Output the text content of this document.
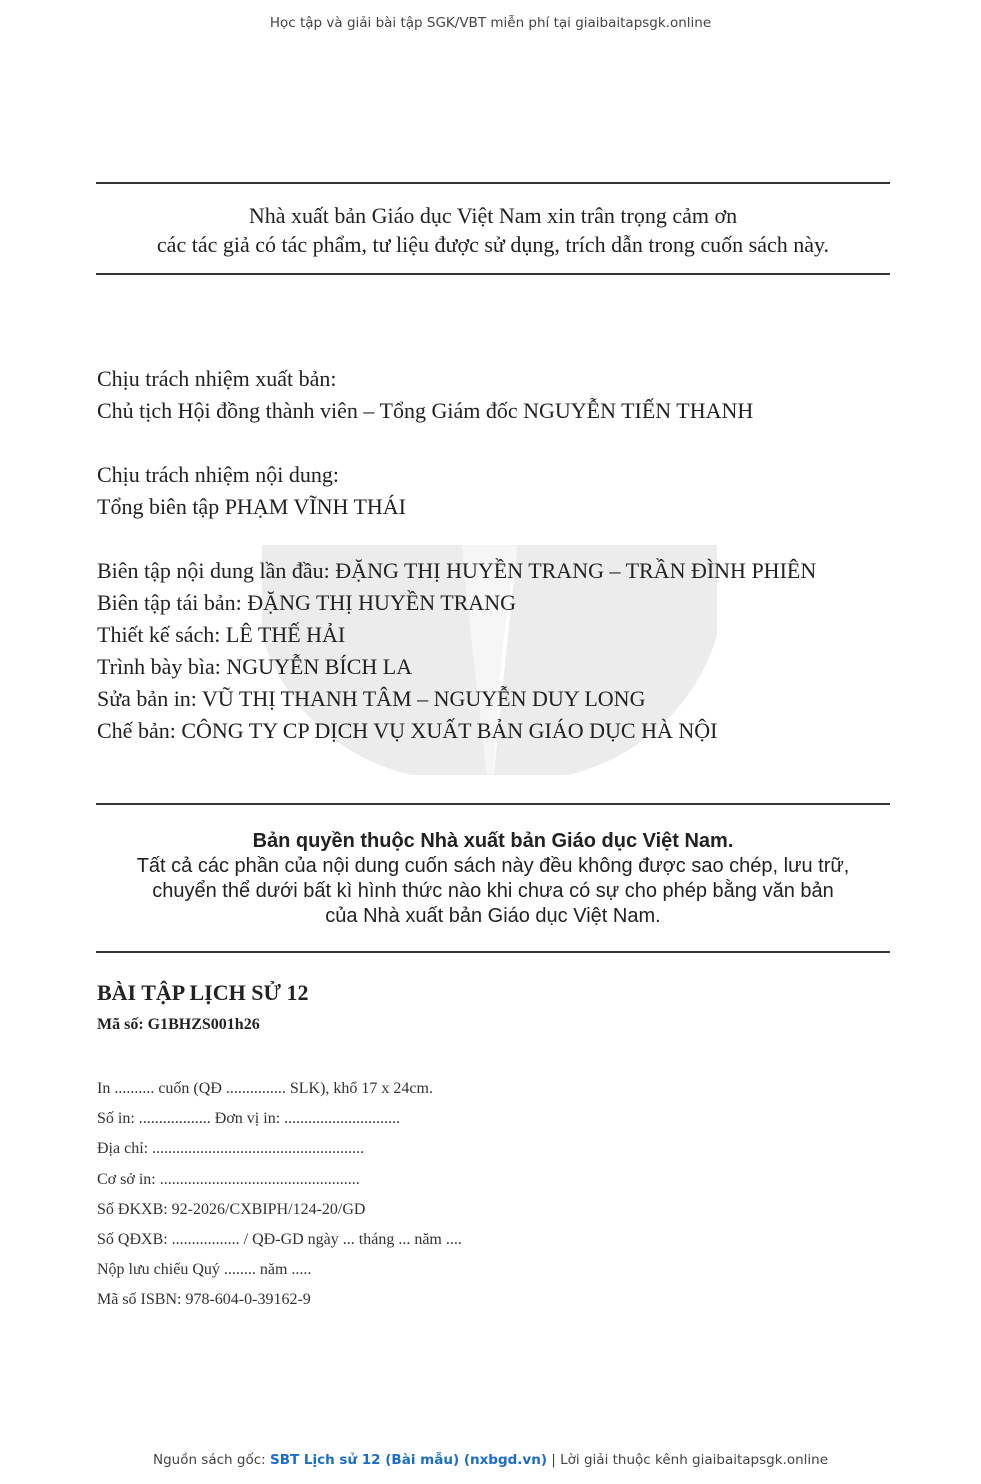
Học tập và giải bài tập SGK/VBT miễn phí tại giaibaitapsgk.online
Nhà xuất bản Giáo dục Việt Nam xin trân trọng cảm ơn
các tác giả có tác phẩm, tư liệu được sử dụng, trích dẫn trong cuốn sách này.
Chịu trách nhiệm xuất bản:
Chủ tịch Hội đồng thành viên – Tổng Giám đốc NGUYỄN TIẾN THANH
Chịu trách nhiệm nội dung:
Tổng biên tập PHẠM VĨNH THÁI
Biên tập nội dung lần đầu: ĐẶNG THỊ HUYỀN TRANG – TRẦN ĐÌNH PHIÊN
Biên tập tái bản: ĐẶNG THỊ HUYỀN TRANG
Thiết kế sách: LÊ THẾ HẢI
Trình bày bìa: NGUYỄN BÍCH LA
Sửa bản in: VŨ THỊ THANH TÂM – NGUYỄN DUY LONG
Chế bản: CÔNG TY CP DỊCH VỤ XUẤT BẢN GIÁO DỤC HÀ NỘI
Bản quyền thuộc Nhà xuất bản Giáo dục Việt Nam.
Tất cả các phần của nội dung cuốn sách này đều không được sao chép, lưu trữ,
chuyển thể dưới bất kì hình thức nào khi chưa có sự cho phép bằng văn bản
của Nhà xuất bản Giáo dục Việt Nam.
BÀI TẬP LỊCH SỬ 12
Mã số: G1BHZS001h26
In .......... cuốn (QĐ ............... SLK), khổ 17 x 24cm.
Số in: .................. Đơn vị in: .............................
Địa chỉ: .....................................................
Cơ sở in: ..................................................
Số ĐKXB: 92-2026/CXBIPH/124-20/GD
Số QĐXB: ................. / QĐ-GD ngày ... tháng ... năm ....
Nộp lưu chiểu Quý ........ năm .....
Mã số ISBN: 978-604-0-39162-9
Nguồn sách gốc: SBT Lịch sử 12 (Bài mẫu) (nxbgd.vn) | Lời giải thuộc kênh giaibaitapsgk.online
